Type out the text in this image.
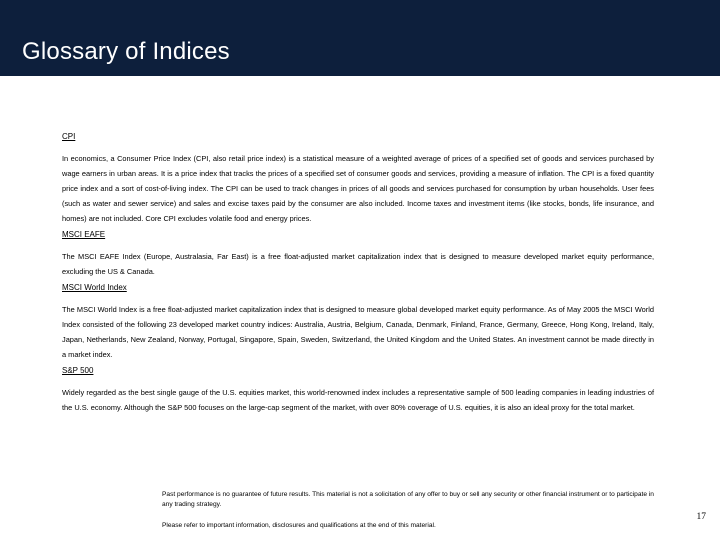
Glossary of Indices

CPI

In economics, a Consumer Price Index (CPI, also retail price index) is a statistical measure of a weighted average of prices of a specified set of goods and services purchased by wage earners in urban areas. It is a price index that tracks the prices of a specified set of consumer goods and services, providing a measure of inflation. The CPI is a fixed quantity price index and a sort of cost-of-living index. The CPI can be used to track changes in prices of all goods and services purchased for consumption by urban households. User fees (such as water and sewer service) and sales and excise taxes paid by the consumer are also included. Income taxes and investment items (like stocks, bonds, life insurance, and homes) are not included. Core CPI excludes volatile food and energy prices.

MSCI EAFE

The MSCI EAFE Index (Europe, Australasia, Far East) is a free float-adjusted market capitalization index that is designed to measure developed market equity performance, excluding the US & Canada.

MSCI World Index

The MSCI World Index is a free float-adjusted market capitalization index that is designed to measure global developed market equity performance. As of May 2005 the MSCI World Index consisted of the following 23 developed market country indices: Australia, Austria, Belgium, Canada, Denmark, Finland, France, Germany, Greece, Hong Kong, Ireland, Italy, Japan, Netherlands, New Zealand, Norway, Portugal, Singapore, Spain, Sweden, Switzerland, the United Kingdom and the United States. An investment cannot be made directly in a market index.

S&P 500

Widely regarded as the best single gauge of the U.S. equities market, this world-renowned index includes a representative sample of 500 leading companies in leading industries of the U.S. economy. Although the S&P 500 focuses on the large-cap segment of the market, with over 80% coverage of U.S. equities, it is also an ideal proxy for the total market.

Past performance is no guarantee of future results. This material is not a solicitation of any offer to buy or sell any security or other financial instrument or to participate in any trading strategy.

Please refer to important information, disclosures and qualifications at the end of this material.

17
